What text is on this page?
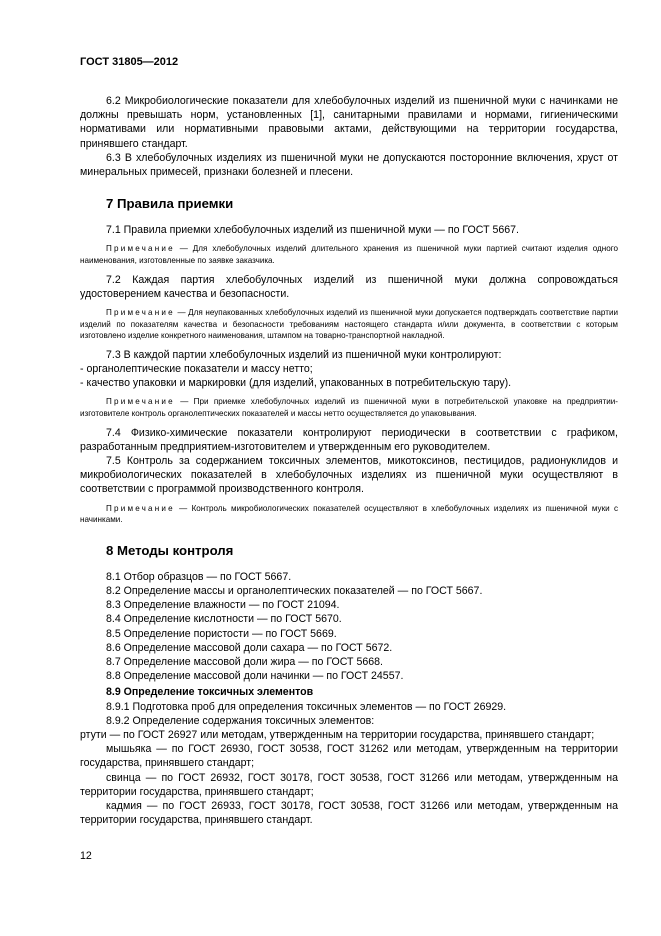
ГОСТ 31805—2012

6.2 Микробиологические показатели для хлебобулочных изделий из пшеничной муки с начинками не должны превышать норм, установленных [1], санитарными правилами и нормами, гигиеническими нормативами или нормативными правовыми актами, действующими на территории государства, принявшего стандарт.

6.3 В хлебобулочных изделиях из пшеничной муки не допускаются посторонние включения, хруст от минеральных примесей, признаки болезней и плесени.

7 Правила приемки

7.1 Правила приемки хлебобулочных изделий из пшеничной муки — по ГОСТ 5667.

Примечание — Для хлебобулочных изделий длительного хранения из пшеничной муки партией считают изделия одного наименования, изготовленные по заявке заказчика.

7.2 Каждая партия хлебобулочных изделий из пшеничной муки должна сопровождаться удостоверением качества и безопасности.

Примечание — Для неупакованных хлебобулочных изделий из пшеничной муки допускается подтверждать соответствие партии изделий по показателям качества и безопасности требованиям настоящего стандарта и/или документа, в соответствии с которым изготовлено изделие конкретного наименования, штампом на товарно-транспортной накладной.

7.3 В каждой партии хлебобулочных изделий из пшеничной муки контролируют:

- органолептические показатели и массу нетто;

- качество упаковки и маркировки (для изделий, упакованных в потребительскую тару).

Примечание — При приемке хлебобулочных изделий из пшеничной муки в потребительской упаковке на предприятии-изготовителе контроль органолептических показателей и массы нетто осуществляется до упаковывания.

7.4 Физико-химические показатели контролируют периодически в соответствии с графиком, разработанным предприятием-изготовителем и утвержденным его руководителем.

7.5 Контроль за содержанием токсичных элементов, микотоксинов, пестицидов, радионуклидов и микробиологических показателей в хлебобулочных изделиях из пшеничной муки осуществляют в соответствии с программой производственного контроля.

Примечание — Контроль микробиологических показателей осуществляют в хлебобулочных изделиях из пшеничной муки с начинками.
8 Методы контроля

8.1 Отбор образцов — по ГОСТ 5667.

8.2 Определение массы и органолептических показателей — по ГОСТ 5667.

8.3 Определение влажности — по ГОСТ 21094.

8.4 Определение кислотности — по ГОСТ 5670.

8.5 Определение пористости — по ГОСТ 5669.

8.6 Определение массовой доли сахара — по ГОСТ 5672.

8.7 Определение массовой доли жира — по ГОСТ 5668.

8.8 Определение массовой доли начинки — по ГОСТ 24557.

8.9 Определение токсичных элементов

8.9.1 Подготовка проб для определения токсичных элементов — по ГОСТ 26929.

8.9.2 Определение содержания токсичных элементов:

ртути — по ГОСТ 26927 или методам, утвержденным на территории государства, принявшего стандарт;

мышьяка — по ГОСТ 26930, ГОСТ 30538, ГОСТ 31262 или методам, утвержденным на территории государства, принявшего стандарт;

свинца — по ГОСТ 26932, ГОСТ 30178, ГОСТ 30538, ГОСТ 31266 или методам, утвержденным на территории государства, принявшего стандарт;

кадмия — по ГОСТ 26933, ГОСТ 30178, ГОСТ 30538, ГОСТ 31266 или методам, утвержденным на территории государства, принявшего стандарт.

12
